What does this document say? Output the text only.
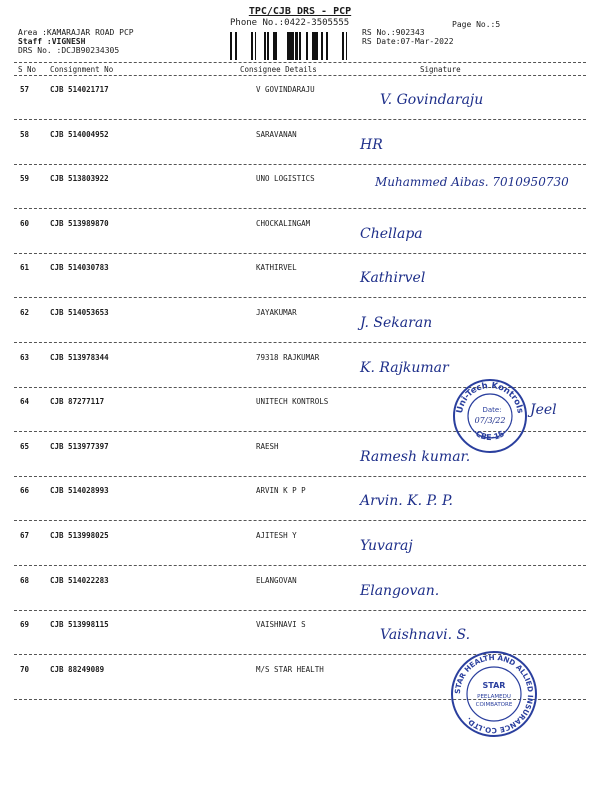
TPC/CJB DRS - PCP
Phone No.:0422-3505555	Page No.:5
Area :KAMARAJAR ROAD PCP
Staff :VIGNESH
DRS No. :DCJB90234305
RS No.:902343
RS Date:07-Mar-2022
S No Consignment No	Consignee Details	Signature
57	CJB 514021717	V GOVINDARAJU
V. Govindaraju
58	CJB 514004952	SARAVANAN
HR
59	CJB 513803922	UNO LOGISTICS	Muhammed Aibas. 7010950730
60	CJB 513989870	CHOCKALINGAM
Chellapa
61	CJB 514030783	KATHIRVEL
Kathirvel
62	CJB 514053653	JAYAKUMAR
J. Sekaran
63	CJB 513978344	79318 RAJKUMAR
K. Rajkumar
64	CJB 87277117	UNITECH KONTROLS
Jeel
65	CJB 513977397	RAESH
Ramesh kumar.
66	CJB 514028993	ARVIN K P P
Arvin. K. P. P.
67	CJB 513998025	AJITESH Y
Yuvaraj
68	CJB 514022283	ELANGOVAN
Elangovan.
69	CJB 513998115	VAISHNAVI S
Vaishnavi. S.
70	CJB 88249089	M/S STAR HEALTH
Uni-Tech Kontrols
CBE-15
Date:
07/3/22
STAR HEALTH AND ALLIED INSURANCE CO.LTD.
STAR
PEELAMEDU
COIMBATORE
